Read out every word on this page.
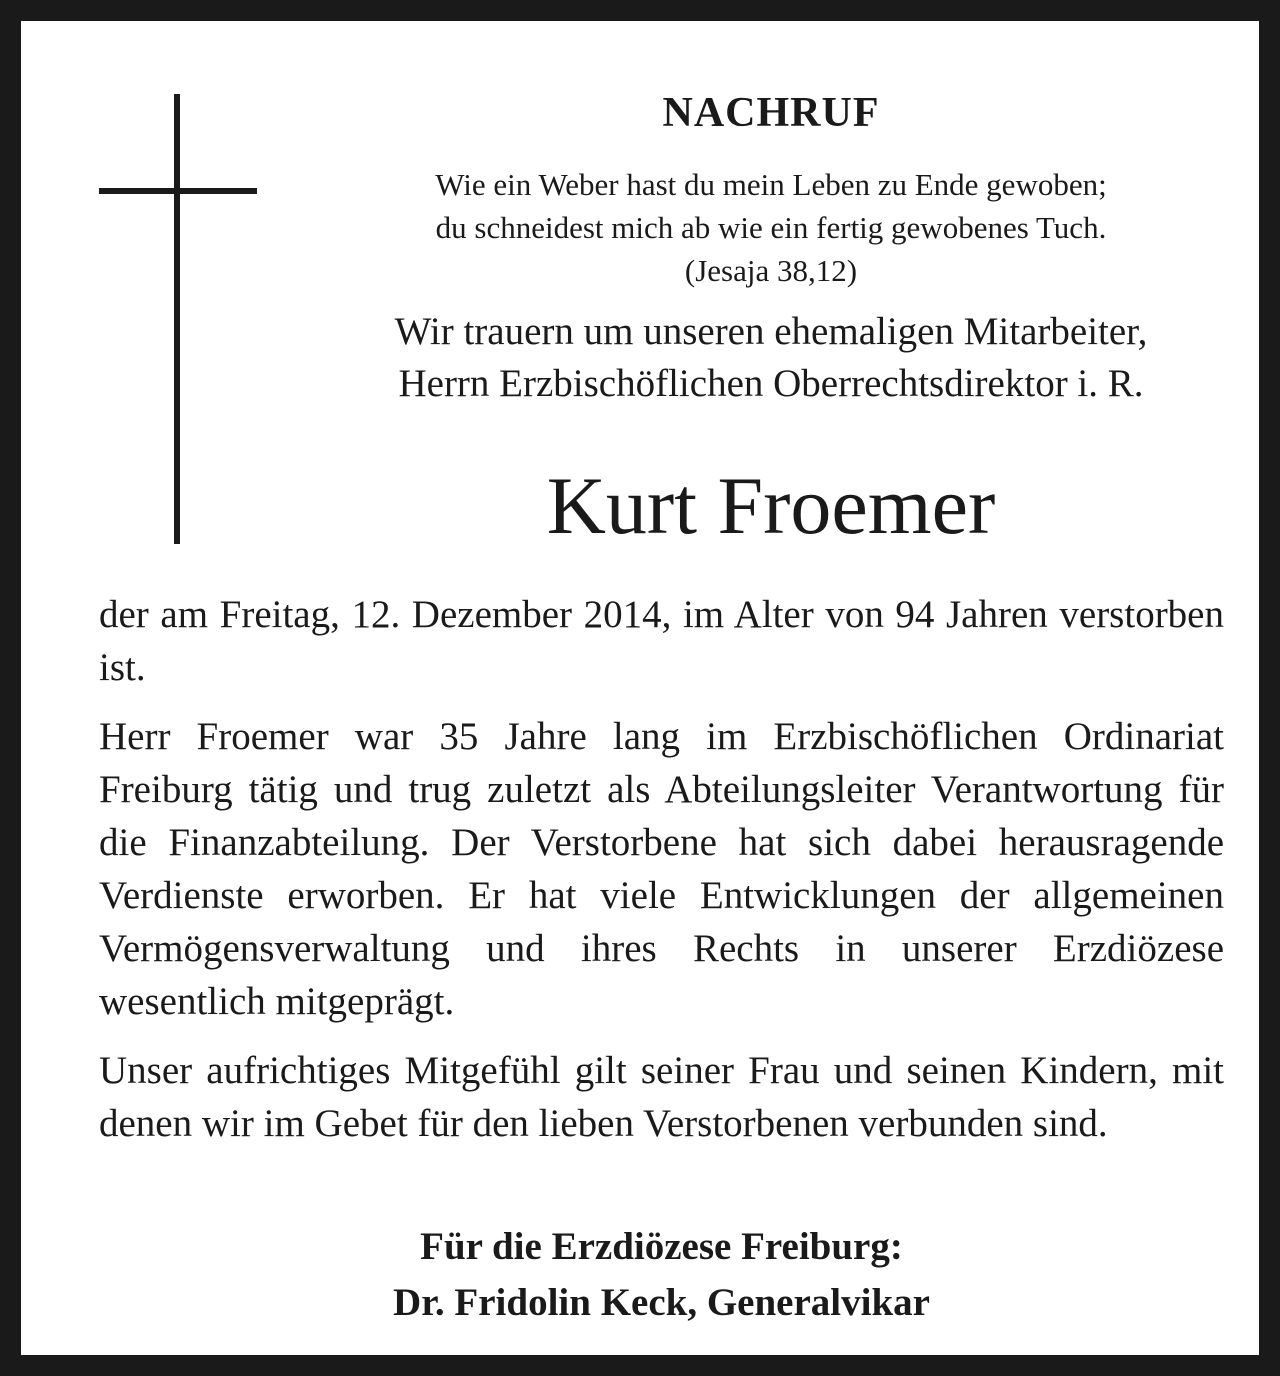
NACHRUF
Wie ein Weber hast du mein Leben zu Ende gewoben;
du schneidest mich ab wie ein fertig gewobenes Tuch.
(Jesaja 38,12)
Wir trauern um unseren ehemaligen Mitarbeiter,
Herrn Erzbischöflichen Oberrechtsdirektor i. R.
Kurt Froemer

der am Freitag, 12. Dezember 2014, im Alter von 94 Jahren verstorben ist.

Herr Froemer war 35 Jahre lang im Erzbischöflichen Ordinariat Freiburg tätig und trug zuletzt als Abteilungsleiter Verantwortung für die Finanzabteilung. Der Verstorbene hat sich dabei herausragende Verdienste erworben. Er hat viele Entwicklungen der allgemeinen Vermögensverwaltung und ihres Rechts in unserer Erzdiözese wesentlich mitgeprägt.

Unser aufrichtiges Mitgefühl gilt seiner Frau und seinen Kindern, mit denen wir im Gebet für den lieben Verstorbenen verbunden sind.

Für die Erzdiözese Freiburg:
Dr. Fridolin Keck, Generalvikar
